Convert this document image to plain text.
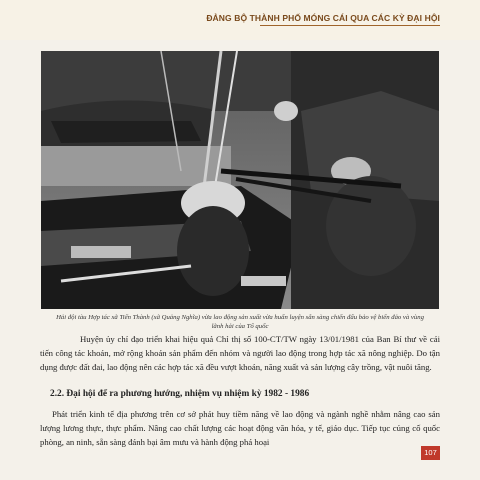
ĐẢNG BỘ THÀNH PHỐ MÓNG CÁI QUA CÁC KỲ ĐẠI HỘI
Hải đội tàu Hợp tác xã Tiến Thành (xã Quảng Nghĩa) vừa lao động sản xuất vừa huấn luyện sẵn sàng chiến đấu bảo vệ biển đảo và vùng lãnh hải của Tổ quốc
Huyện ủy chỉ đạo triển khai hiệu quả Chỉ thị số 100-CT/TW ngày 13/01/1981 của Ban Bí thư về cải tiến công tác khoán, mở rộng khoán sản phẩm đến nhóm và người lao động trong hợp tác xã nông nghiệp. Do tận dụng được đất đai, lao động nên các hợp tác xã đều vượt khoán, năng xuất và sản lượng cây trồng, vật nuôi tăng.
2.2. Đại hội để ra phương hướng, nhiệm vụ nhiệm kỳ 1982 - 1986
Phát triển kinh tế địa phương trên cơ sở phát huy tiềm năng về lao động và ngành nghề nhằm nâng cao sản lượng lương thực, thực phẩm. Nâng cao chất lượng các hoạt động văn hóa, y tế, giáo dục. Tiếp tục củng cố quốc phòng, an ninh, sẵn sàng đánh bại âm mưu và hành động phá hoại
107
